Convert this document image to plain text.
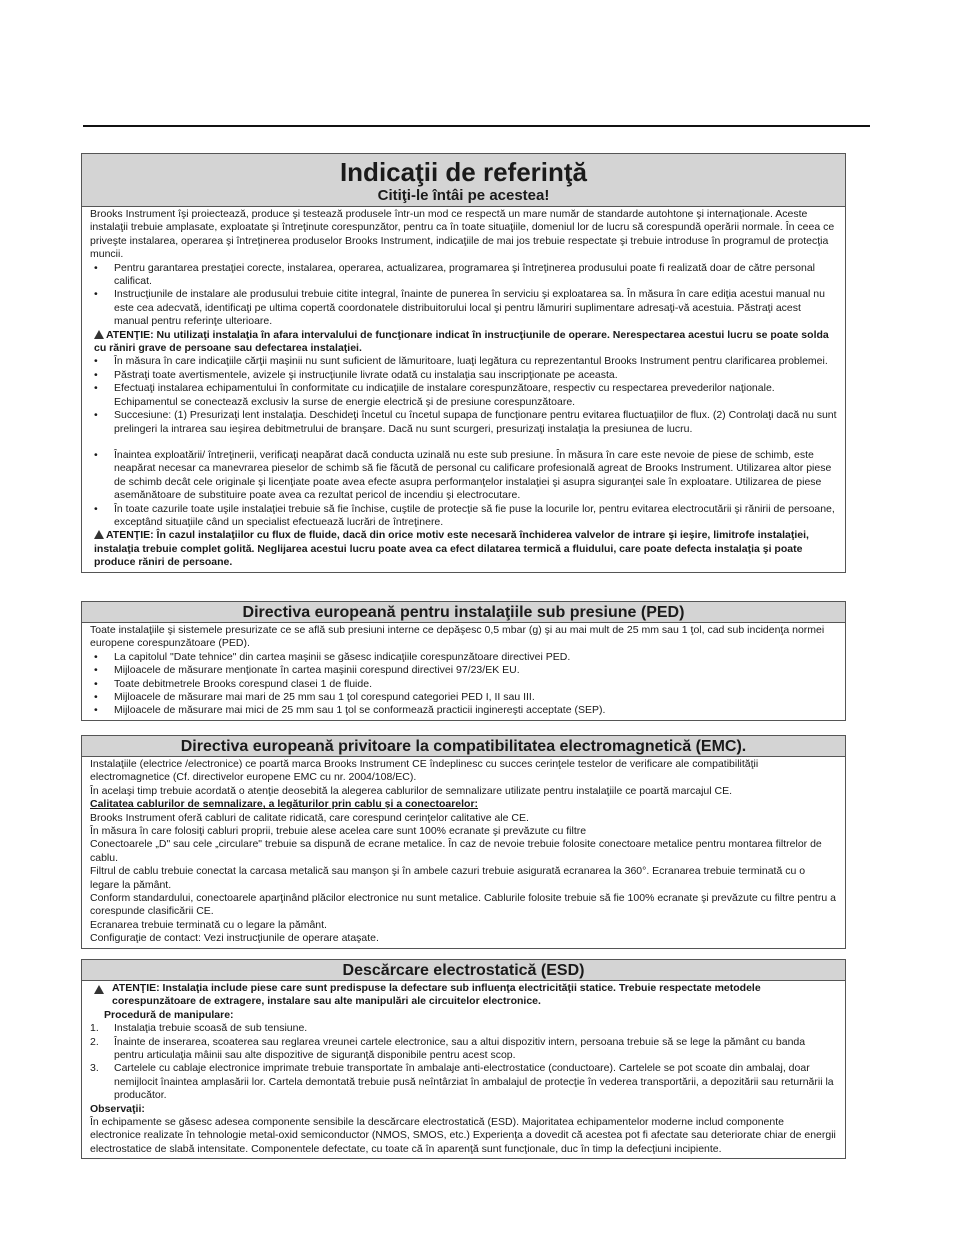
Indicaţii de referinţă
Citiţi-le întâi pe acestea!

Brooks Instrument îşi proiectează, produce şi testează produsele într-un mod ce respectă un mare număr de standarde autohtone şi internaţionale. Aceste instalaţii trebuie amplasate, exploatate şi întreţinute corespunzător, pentru ca în toate situaţiile, domeniul lor de lucru să corespundă operării normale. În ceea ce priveşte instalarea, operarea şi întreţinerea produselor Brooks Instrument, indicaţiile de mai jos trebuie respectate şi trebuie introduse în programul de protecţia muncii.

• Pentru garantarea prestaţiei corecte, instalarea, operarea, actualizarea, programarea şi întreţinerea produsului poate fi realizată doar de către personal calificat.

• Instrucţiunile de instalare ale produsului trebuie citite integral, înainte de punerea în serviciu şi exploatarea sa. În măsura în care ediţia acestui manual nu este cea adecvată, identificaţi pe ultima copertă coordonatele distribuitorului local şi pentru lămuriri suplimentare adresaţi-vă acestuia. Păstraţi acest manual pentru referinţe ulterioare.

ATENŢIE: Nu utilizaţi instalaţia în afara intervalului de funcţionare indicat în instrucţiunile de operare. Nerespectarea acestui lucru se poate solda cu răniri grave de persoane sau defectarea instalaţiei.

• În măsura în care indicaţiile cărţii maşinii nu sunt suficient de lămuritoare, luaţi legătura cu reprezentantul Brooks Instrument pentru clarificarea problemei.

• Păstraţi toate avertismentele, avizele şi instrucţiunile livrate odată cu instalaţia sau inscripţionate pe aceasta.

• Efectuaţi instalarea echipamentului în conformitate cu indicaţiile de instalare corespunzătoare, respectiv cu respectarea prevederilor naţionale. Echipamentul se conectează exclusiv la surse de energie electrică şi de presiune corespunzătoare.

• Succesiune: (1) Presurizaţi lent instalaţia. Deschideţi încetul cu încetul supapa de funcţionare pentru evitarea fluctuaţiilor de flux. (2) Controlaţi dacă nu sunt prelingeri la intrarea sau ieşirea debitmetrului de branşare. Dacă nu sunt scurgeri, presurizaţi instalaţia la presiunea de lucru.

• Înaintea exploatării/ întreţinerii, verificaţi neapărat dacă conducta uzinală nu este sub presiune. În măsura în care este nevoie de piese de schimb, este neapărat necesar ca manevrarea pieselor de schimb să fie făcută de personal cu calificare profesională agreat de Brooks Instrument. Utilizarea altor piese de schimb decât cele originale şi licenţiate poate avea efecte asupra performanţelor instalaţiei şi asupra siguranţei sale în exploatare. Utilizarea de piese asemănătoare de substituire poate avea ca rezultat pericol de incendiu şi electrocutare.

• În toate cazurile toate uşile instalaţiei trebuie să fie închise, cuştile de protecţie să fie puse la locurile lor, pentru evitarea electrocutării şi rănirii de persoane, exceptând situaţiile când un specialist efectuează lucrări de întreţinere.

ATENŢIE: În cazul instalaţiilor cu flux de fluide, dacă din orice motiv este necesară închiderea valvelor de intrare şi ieşire, limitrofe instalaţiei, instalaţia trebuie complet golită. Neglijarea acestui lucru poate avea ca efect dilatarea termică a fluidului, care poate defecta instalaţia şi poate produce răniri de persoane.

Directiva europeană pentru instalaţiile sub presiune (PED)

Toate instalaţiile şi sistemele presurizate ce se află sub presiuni interne ce depăşesc 0,5 mbar (g) şi au mai mult de 25 mm sau 1 ţol, cad sub incidenţa normei europene corespunzătoare (PED).

• La capitolul "Date tehnice" din cartea maşinii se găsesc indicaţiile corespunzătoare directivei PED.

• Mijloacele de măsurare menţionate în cartea maşinii corespund directivei 97/23/EK EU.

• Toate debitmetrele Brooks corespund clasei 1 de fluide.

• Mijloacele de măsurare mai mari de 25 mm sau 1 ţol corespund categoriei PED I, II sau III.

• Mijloacele de măsurare mai mici de 25 mm sau 1 ţol se conformează practicii inginereşti acceptate (SEP).

Directiva europeană privitoare la compatibilitatea electromagnetică (EMC).

Instalaţiile (electrice /electronice) ce poartă marca Brooks Instrument CE îndeplinesc cu succes cerinţele testelor de verificare ale compatibilităţii electromagnetice (Cf. directivelor europene EMC cu nr. 2004/108/EC).

În acelaşi timp trebuie acordată o atenţie deosebită la alegerea cablurilor de semnalizare utilizate pentru instalaţiile ce poartă marcajul CE.

Calitatea cablurilor de semnalizare, a legăturilor prin cablu şi a conectoarelor:

Brooks Instrument oferă cabluri de calitate ridicată, care corespund cerinţelor calitative ale CE.

În măsura în care folosiţi cabluri proprii, trebuie alese acelea care sunt 100% ecranate şi prevăzute cu filtre

Conectoarele „D" sau cele „circulare" trebuie sa dispună de ecrane metalice. În caz de nevoie trebuie folosite conectoare metalice pentru montarea filtrelor de cablu.

Filtrul de cablu trebuie conectat la carcasa metalică sau manşon şi în ambele cazuri trebuie asigurată ecranarea la 360°. Ecranarea trebuie terminată cu o legare la pământ.

Conform standardului, conectoarele aparţinând plăcilor electronice nu sunt metalice. Cablurile folosite trebuie să fie 100% ecranate şi prevăzute cu filtre pentru a corespunde clasificării CE.

Ecranarea trebuie terminată cu o legare la pământ.

Configuraţie de contact: Vezi instrucţiunile de operare ataşate.

Descărcare electrostatică (ESD)

ATENŢIE: Instalaţia include piese care sunt predispuse la defectare sub influenţa electricităţii statice. Trebuie respectate metodele corespunzătoare de extragere, instalare sau alte manipulări ale circuitelor electronice.

Procedură de manipulare:

1. Instalaţia trebuie scoasă de sub tensiune.

2. Înainte de inserarea, scoaterea sau reglarea vreunei cartele electronice, sau a altui dispozitiv intern, persoana trebuie să se lege la pământ cu banda pentru articulaţia mâinii sau alte dispozitive de siguranţă disponibile pentru acest scop.

3. Cartelele cu cablaje electronice imprimate trebuie transportate în ambalaje anti-electrostatice (conductoare). Cartelele se pot scoate din ambalaj, doar nemijlocit înaintea amplasării lor. Cartela demontată trebuie pusă neîntârziat în ambalajul de protecţie în vederea transportării, a depozitării sau returnării la producător.

Observaţii:

În echipamente se găsesc adesea componente sensibile la descărcare electrostatică (ESD). Majoritatea echipamentelor moderne includ componente electronice realizate în tehnologie metal-oxid semiconductor (NMOS, SMOS, etc.) Experienţa a dovedit că acestea pot fi afectate sau deteriorate chiar de energii electrostatice de slabă intensitate. Componentele defectate, cu toate că în aparenţă sunt funcţionale, duc în timp la defecţiuni incipiente.
